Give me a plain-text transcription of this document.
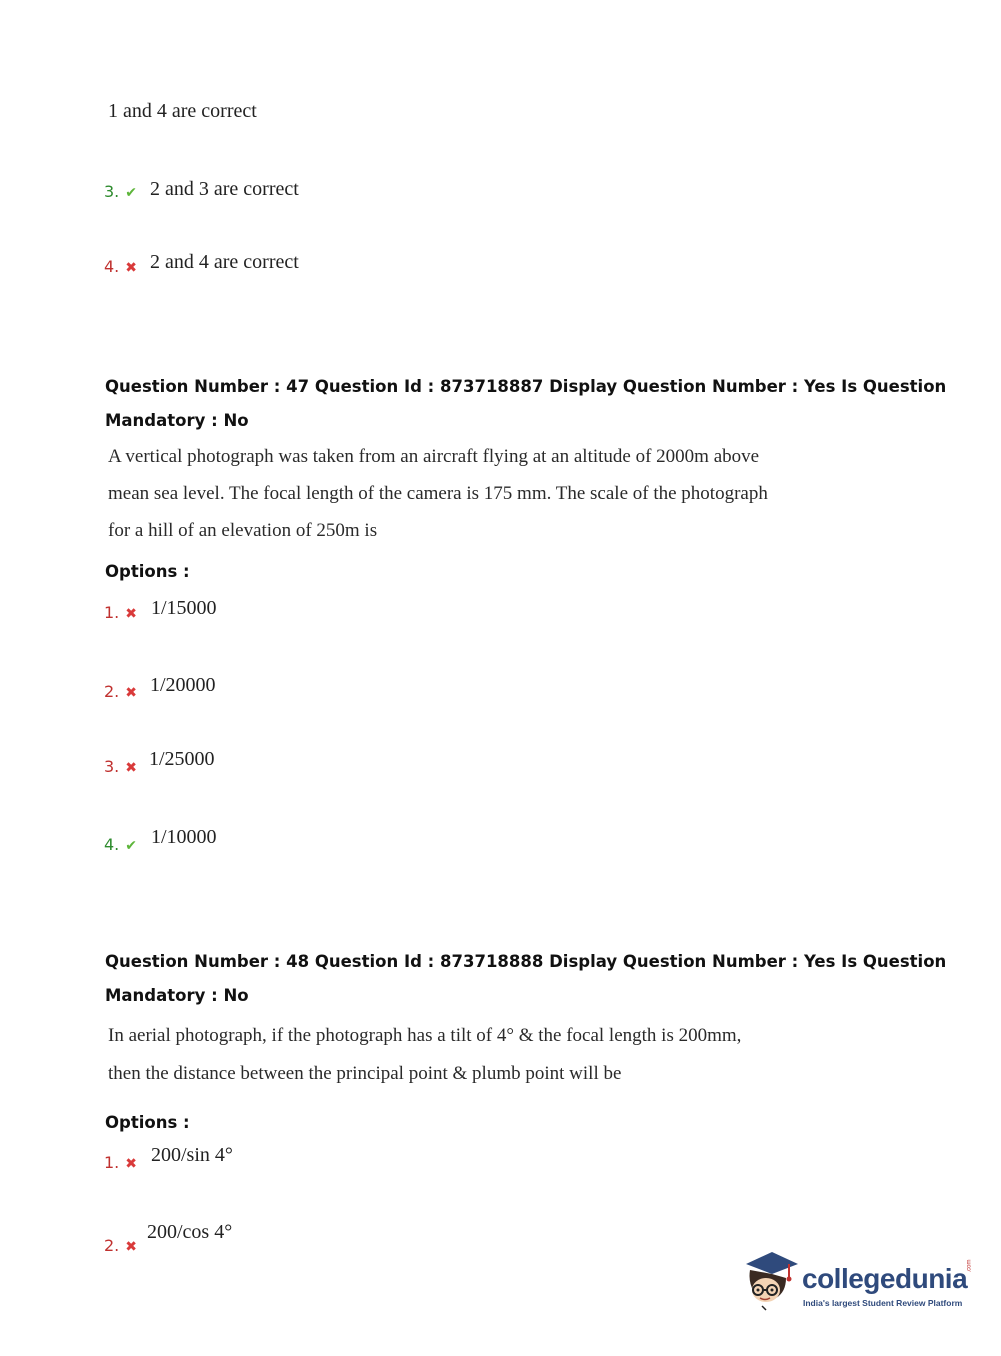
1 and 4 are correct
3. ✔ 2 and 3 are correct
4. ✖ 2 and 4 are correct
Question Number : 47 Question Id : 873718887 Display Question Number : Yes Is Question
Mandatory : No
A vertical photograph was taken from an aircraft flying at an altitude of 2000m above
mean sea level. The focal length of the camera is 175 mm. The scale of the photograph
for a hill of an elevation of 250m is
Options :
1. ✖ 1/15000
2. ✖ 1/20000
3. ✖ 1/25000
4. ✔ 1/10000
Question Number : 48 Question Id : 873718888 Display Question Number : Yes Is Question
Mandatory : No
In aerial photograph, if the photograph has a tilt of 4° & the focal length is 200mm,
then the distance between the principal point & plumb point will be
Options :
1. ✖ 200/sin 4°
2. ✖
200/cos 4°
collegedunia.com
India's largest Student Review Platform
